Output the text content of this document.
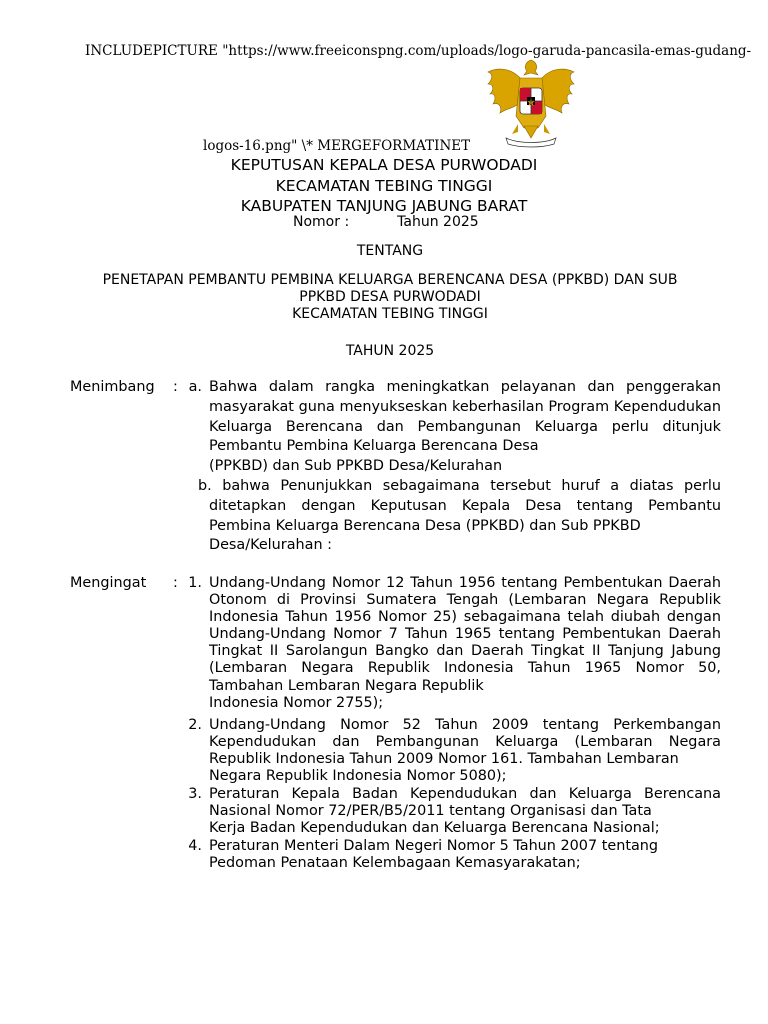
INCLUDEPICTURE "https://www.freeiconspng.com/uploads/logo-garuda-pancasila-emas-gudang-
logos-16.png" \* MERGEFORMATINET
KEPUTUSAN KEPALA DESA PURWODADI
KECAMATAN TEBING TINGGI
KABUPATEN TANJUNG JABUNG BARAT
Nomor :	Tahun 2025
TENTANG
PENETAPAN PEMBANTU PEMBINA KELUARGA BERENCANA DESA (PPKBD) DAN SUB
PPKBD DESA PURWODADI
KECAMATAN TEBING TINGGI
TAHUN 2025
Menimbang : a. Bahwa dalam rangka meningkatkan pelayanan dan penggerakan masyarakat guna menyukseskan keberhasilan Program Kependudukan Keluarga Berencana dan Pembangunan Keluarga perlu ditunjuk Pembantu Pembina Keluarga Berencana Desa
(PPKBD) dan Sub PPKBD Desa/Kelurahan
b. bahwa Penunjukkan sebagaimana tersebut huruf a diatas perlu
ditetapkan dengan Keputusan Kepala Desa tentang Pembantu Pembina Keluarga Berencana Desa (PPKBD) dan Sub PPKBD
Desa/Kelurahan :
Mengingat : 1. Undang-Undang Nomor 12 Tahun 1956 tentang Pembentukan Daerah Otonom di Provinsi Sumatera Tengah (Lembaran Negara Republik Indonesia Tahun 1956 Nomor 25) sebagaimana telah diubah dengan Undang-Undang Nomor 7 Tahun 1965 tentang Pembentukan Daerah Tingkat II Sarolangun Bangko dan Daerah Tingkat II Tanjung Jabung (Lembaran Negara Republik Indonesia Tahun 1965 Nomor 50, Tambahan Lembaran Negara Republik
Indonesia Nomor 2755);
2. Undang-Undang Nomor 52 Tahun 2009 tentang Perkembangan Kependudukan dan Pembangunan Keluarga (Lembaran Negara Republik Indonesia Tahun 2009 Nomor 161. Tambahan Lembaran
Negara Republik Indonesia Nomor 5080);
3. Peraturan Kepala Badan Kependudukan dan Keluarga Berencana Nasional Nomor 72/PER/B5/2011 tentang Organisasi dan Tata
Kerja Badan Kependudukan dan Keluarga Berencana Nasional;
4. Peraturan Menteri Dalam Negeri Nomor 5 Tahun 2007 tentang
Pedoman Penataan Kelembagaan Kemasyarakatan;
